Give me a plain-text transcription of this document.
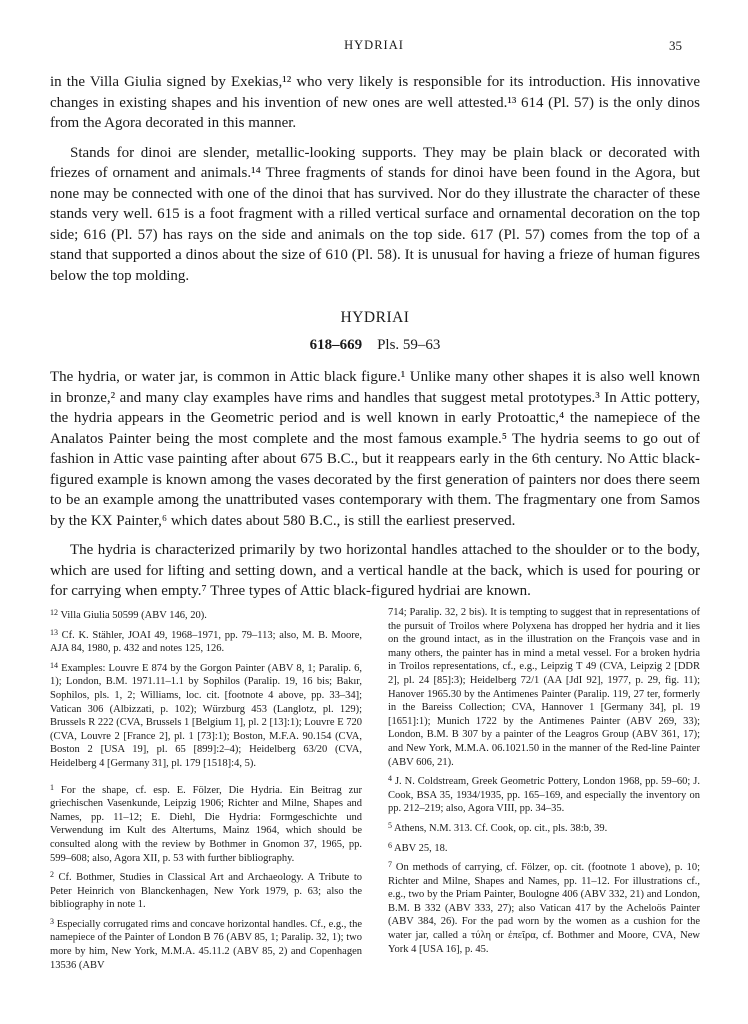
HYDRIAI	35

in the Villa Giulia signed by Exekias,¹² who very likely is responsible for its introduction. His innovative changes in existing shapes and his invention of new ones are well attested.¹³ 614 (Pl. 57) is the only dinos from the Agora decorated in this manner.

Stands for dinoi are slender, metallic-looking supports. They may be plain black or decorated with friezes of ornament and animals.¹⁴ Three fragments of stands for dinoi have been found in the Agora, but none may be connected with one of the dinoi that has survived. Nor do they illustrate the character of these stands very well. 615 is a foot fragment with a rilled vertical surface and ornamental decoration on the top side; 616 (Pl. 57) has rays on the side and animals on the top side. 617 (Pl. 57) comes from the top of a stand that supported a dinos about the size of 610 (Pl. 58). It is unusual for having a frieze of human figures below the top molding.

HYDRIAI
618–669 Pls. 59–63

The hydria, or water jar, is common in Attic black figure.¹ Unlike many other shapes it is also well known in bronze,² and many clay examples have rims and handles that suggest metal prototypes.³ In Attic pottery, the hydria appears in the Geometric period and is well known in early Protoattic,⁴ the namepiece of the Analatos Painter being the most complete and the most famous example.⁵ The hydria seems to go out of fashion in Attic vase painting after about 675 B.C., but it reappears early in the 6th century. No Attic black-figured example is known among the vases decorated by the first generation of painters nor does there seem to be an example among the unattributed vases contemporary with them. The fragmentary one from Samos by the KX Painter,⁶ which dates about 580 B.C., is still the earliest preserved.

The hydria is characterized primarily by two horizontal handles attached to the shoulder or to the body, which are used for lifting and setting down, and a vertical handle at the back, which is used for pouring or for carrying when empty.⁷ Three types of Attic black-figured hydriai are known.

$^{12}$ Villa Giulia 50599 (ABV 146, 20).
$^{13}$ Cf. K. Stähler, JOAI 49, 1968–1971, pp. 79–113; also, M. B. Moore, AJA 84, 1980, p. 432 and notes 125, 126.
$^{14}$ Examples: Louvre E 874 by the Gorgon Painter (ABV 8, 1; Paralip. 6, 1); London, B.M. 1971.11–1.1 by Sophilos (Paralip. 19, 16 bis; Bakır, Sophilos, pls. 1, 2; Williams, loc. cit. [footnote 4 above, pp. 33–34]; Vatican 306 (Albizzati, p. 102); Würzburg 453 (Langlotz, pl. 129); Brussels R 222 (CVA, Brussels 1 [Belgium 1], pl. 2 [13]:1); Louvre E 720 (CVA, Louvre 2 [France 2], pl. 1 [73]:1); Boston, M.F.A. 90.154 (CVA, Boston 2 [USA 19], pl. 65 [899]:2–4); Heidelberg 63/20 (CVA, Heidelberg 4 [Germany 31], pl. 179 [1518]:4, 5).
$^1$ For the shape, cf. esp. E. Fölzer, Die Hydria. Ein Beitrag zur griechischen Vasenkunde, Leipzig 1906; Richter and Milne, Shapes and Names, pp. 11–12; E. Diehl, Die Hydria: Formgeschichte und Verwendung im Kult des Altertums, Mainz 1964, which should be consulted along with the review by Bothmer in Gnomon 37, 1965, pp. 599–608; also, Agora XII, p. 53 with further bibliography.
$^2$ Cf. Bothmer, Studies in Classical Art and Archaeology. A Tribute to Peter Heinrich von Blanckenhagen, New York 1979, p. 63; also the bibliography in note 1.
$^3$ Especially corrugated rims and concave horizontal handles. Cf., e.g., the namepiece of the Painter of London B 76 (ABV 85, 1; Paralip. 32, 1); two more by him, New York, M.M.A. 45.11.2 (ABV 85, 2) and Copenhagen 13536 (ABV
714; Paralip. 32, 2 bis). It is tempting to suggest that in representations of the pursuit of Troilos where Polyxena has dropped her hydria and it lies on the ground intact, as in the illustration on the François vase and in many others, the painter has in mind a metal vessel. For a broken hydria in Troilos representations, cf., e.g., Leipzig T 49 (CVA, Leipzig 2 [DDR 2], pl. 24 [85]:3); Heidelberg 72/1 (AA [JdI 92], 1977, p. 29, fig. 11); Hanover 1965.30 by the Antimenes Painter (Paralip. 119, 27 ter, formerly in the Bareiss Collection; CVA, Hannover 1 [Germany 34], pl. 19 [1651]:1); Munich 1722 by the Antimenes Painter (ABV 269, 33); London, B.M. B 307 by a painter of the Leagros Group (ABV 361, 17); and New York, M.M.A. 06.1021.50 in the manner of the Red-line Painter (ABV 606, 21).
$^4$ J. N. Coldstream, Greek Geometric Pottery, London 1968, pp. 59–60; J. Cook, BSA 35, 1934/1935, pp. 165–169, and especially the inventory on pp. 212–219; also, Agora VIII, pp. 34–35.
$^5$ Athens, N.M. 313. Cf. Cook, op. cit., pls. 38:b, 39.
$^6$ ABV 25, 18.
$^7$ On methods of carrying, cf. Fölzer, op. cit. (footnote 1 above), p. 10; Richter and Milne, Shapes and Names, pp. 11–12. For illustrations cf., e.g., two by the Priam Painter, Boulogne 406 (ABV 332, 21) and London, B.M. B 332 (ABV 333, 27); also Vatican 417 by the Acheloös Painter (ABV 384, 26). For the pad worn by the women as a cushion for the water jar, called a τύλη or ἐπεῖρα, cf. Bothmer and Moore, CVA, New York 4 [USA 16], p. 45.
